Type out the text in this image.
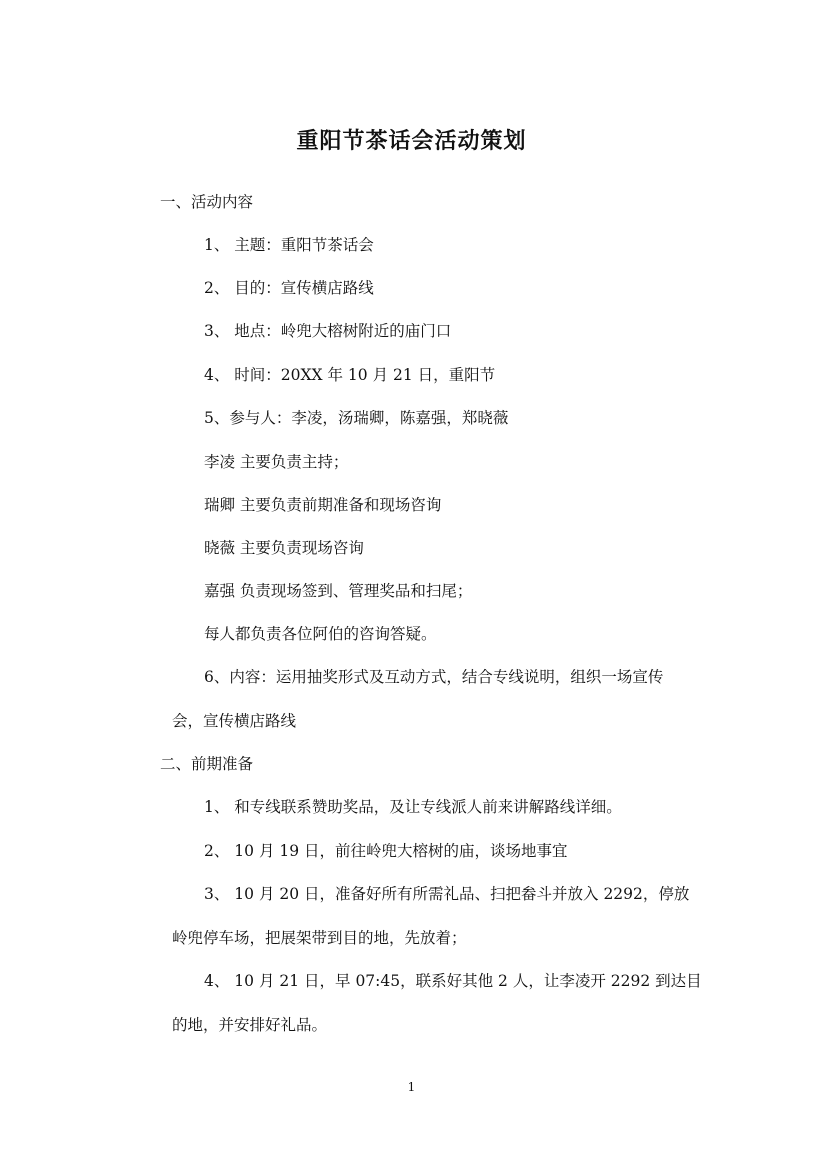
重阳节茶话会活动策划
一、活动内容
1、 主题：重阳节茶话会
2、 目的：宣传横店路线
3、 地点：岭兜大榕树附近的庙门口
4、 时间：20XX 年 10 月 21 日，重阳节
5、参与人：李凌，汤瑞卿，陈嘉强，郑晓薇
李凌 主要负责主持；
瑞卿 主要负责前期准备和现场咨询
晓薇 主要负责现场咨询
嘉强 负责现场签到、管理奖品和扫尾；
每人都负责各位阿伯的咨询答疑。
6、内容：运用抽奖形式及互动方式，结合专线说明，组织一场宣传
会，宣传横店路线
二、前期准备
1、 和专线联系赞助奖品，及让专线派人前来讲解路线详细。
2、 10 月 19 日，前往岭兜大榕树的庙，谈场地事宜
3、 10 月 20 日，准备好所有所需礼品、扫把畚斗并放入 2292，停放
岭兜停车场，把展架带到目的地，先放着；
4、 10 月 21 日，早 07:45，联系好其他 2 人，让李凌开 2292 到达目
的地，并安排好礼品。
1
